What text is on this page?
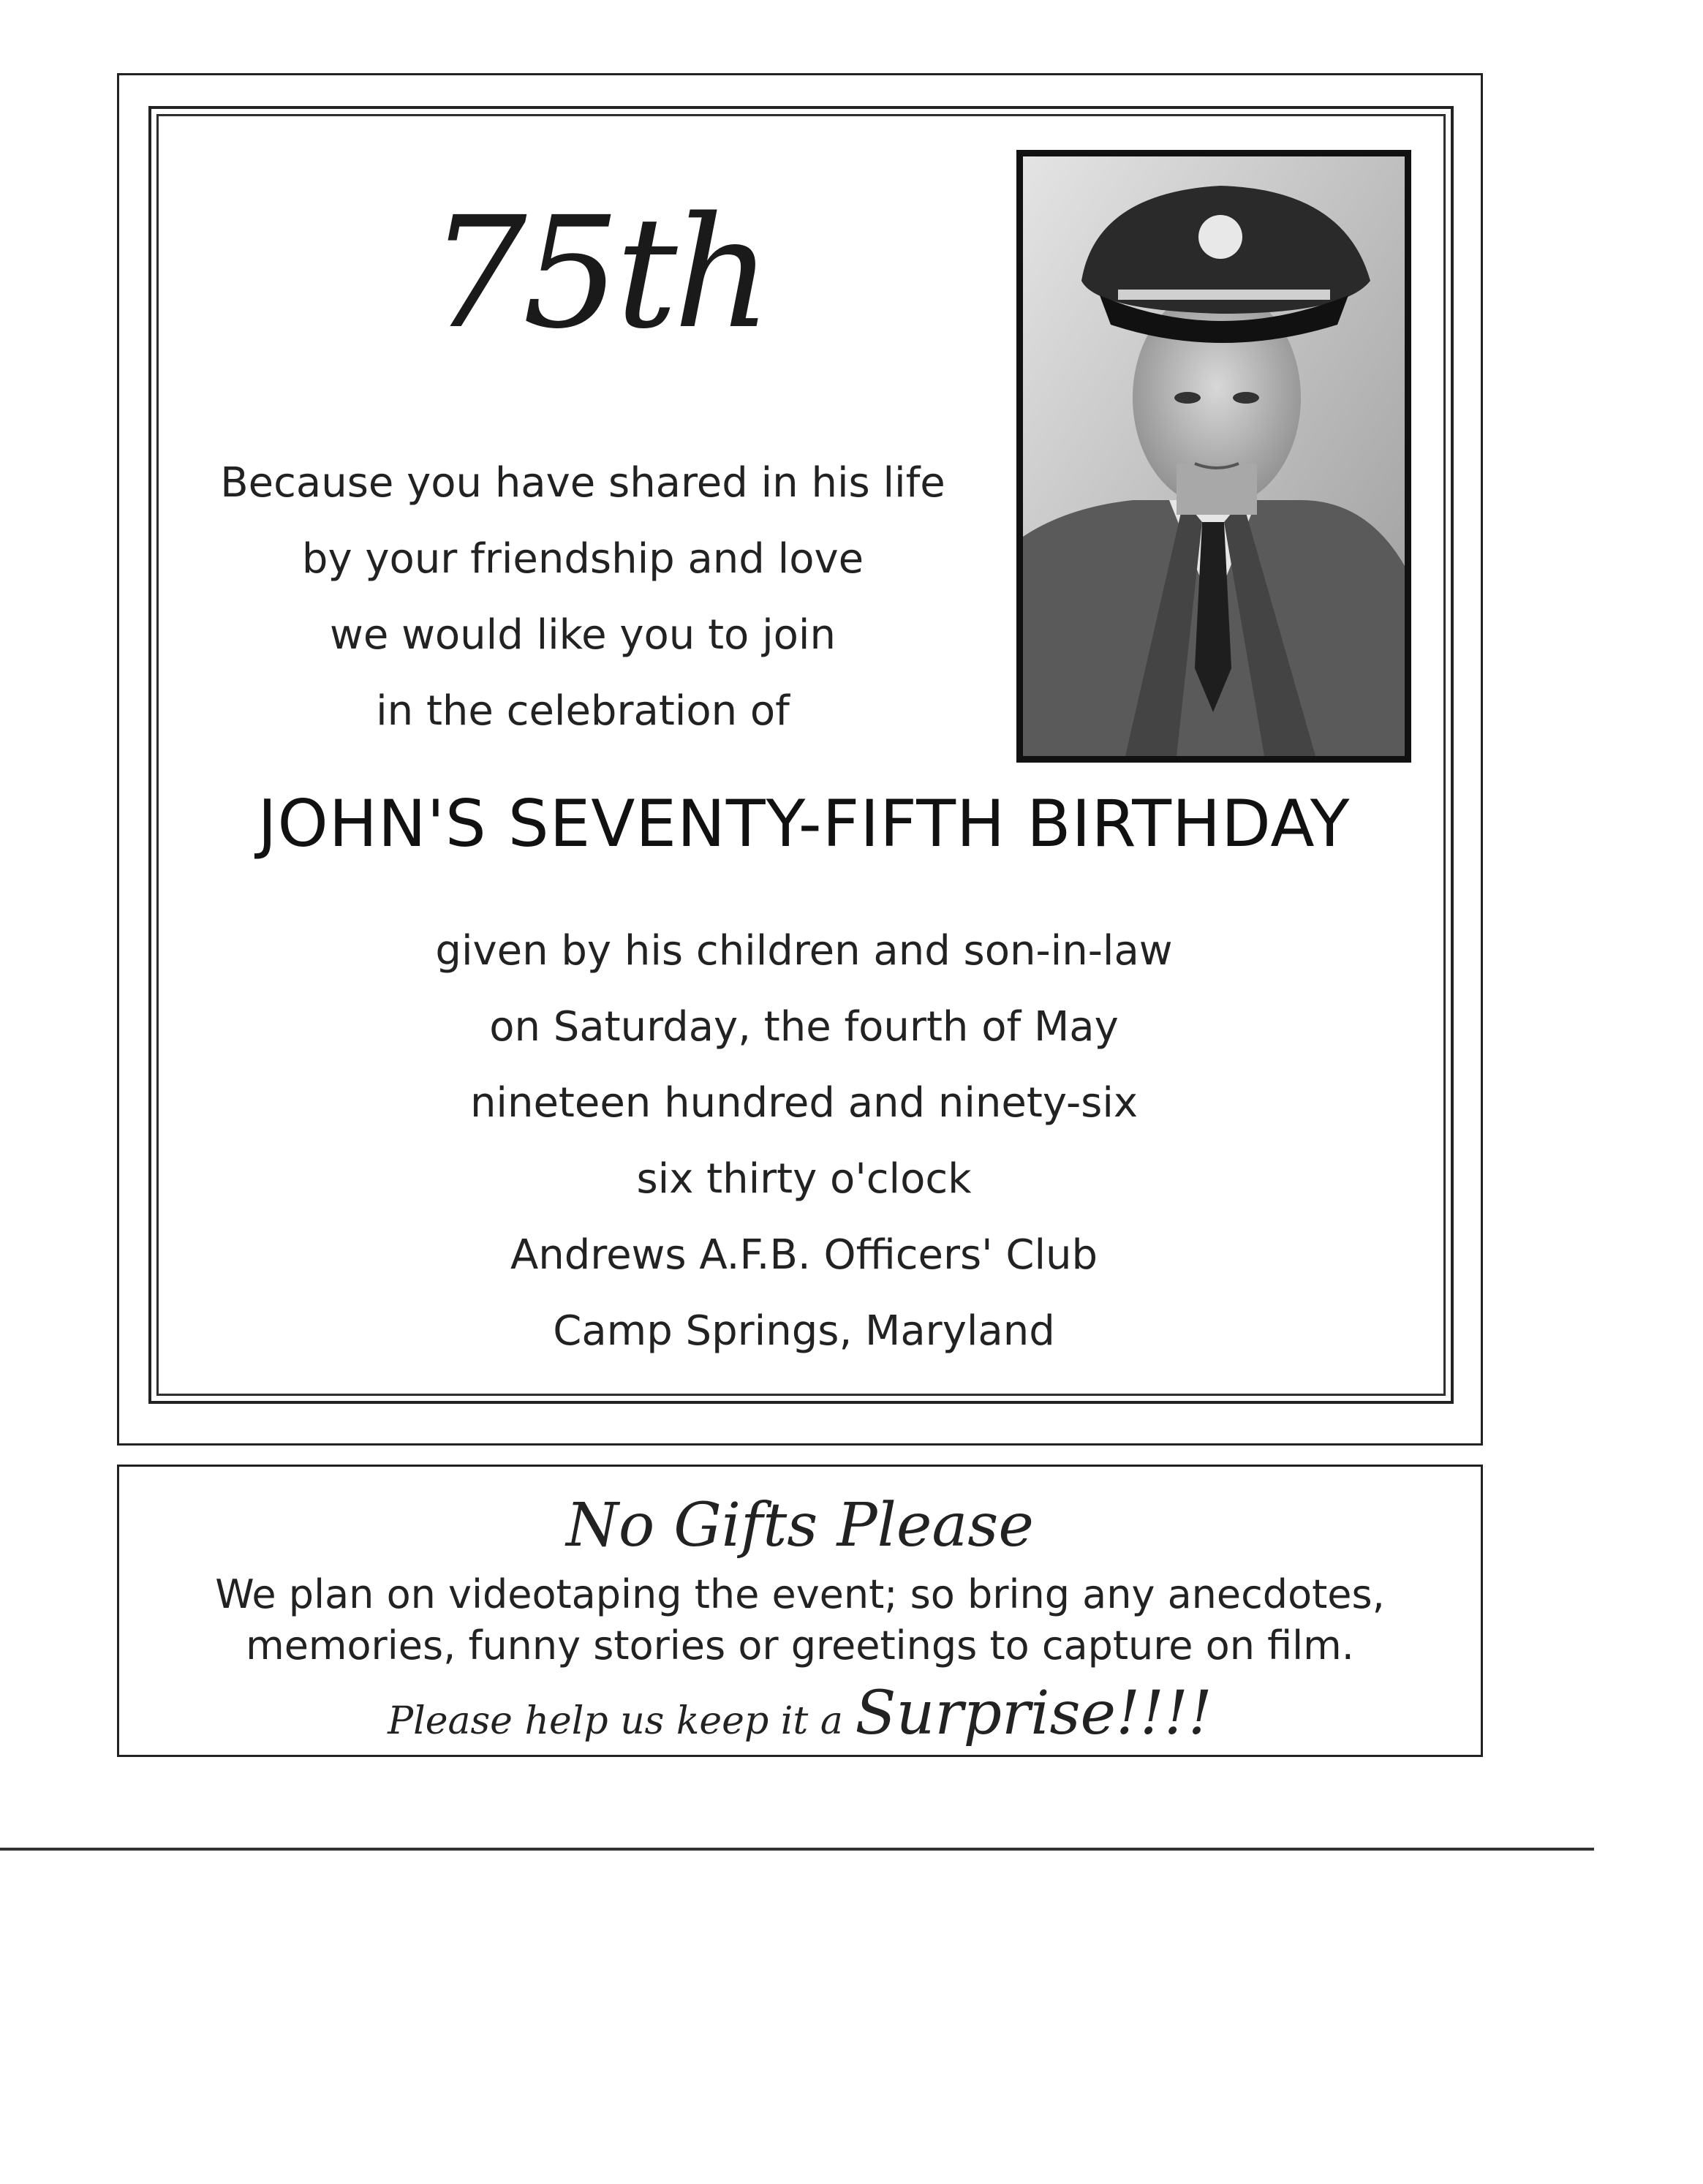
75th
Because you have shared in his life
by your friendship and love
we would like you to join
in the celebration of
JOHN'S SEVENTY-FIFTH BIRTHDAY
given by his children and son-in-law
on Saturday, the fourth of May
nineteen hundred and ninety-six
six thirty o'clock
Andrews A.F.B. Officers' Club
Camp Springs, Maryland
No Gifts Please
We plan on videotaping the event; so bring any anecdotes,
memories, funny stories or greetings to capture on film.
Please help us keep it a Surprise!!!!
